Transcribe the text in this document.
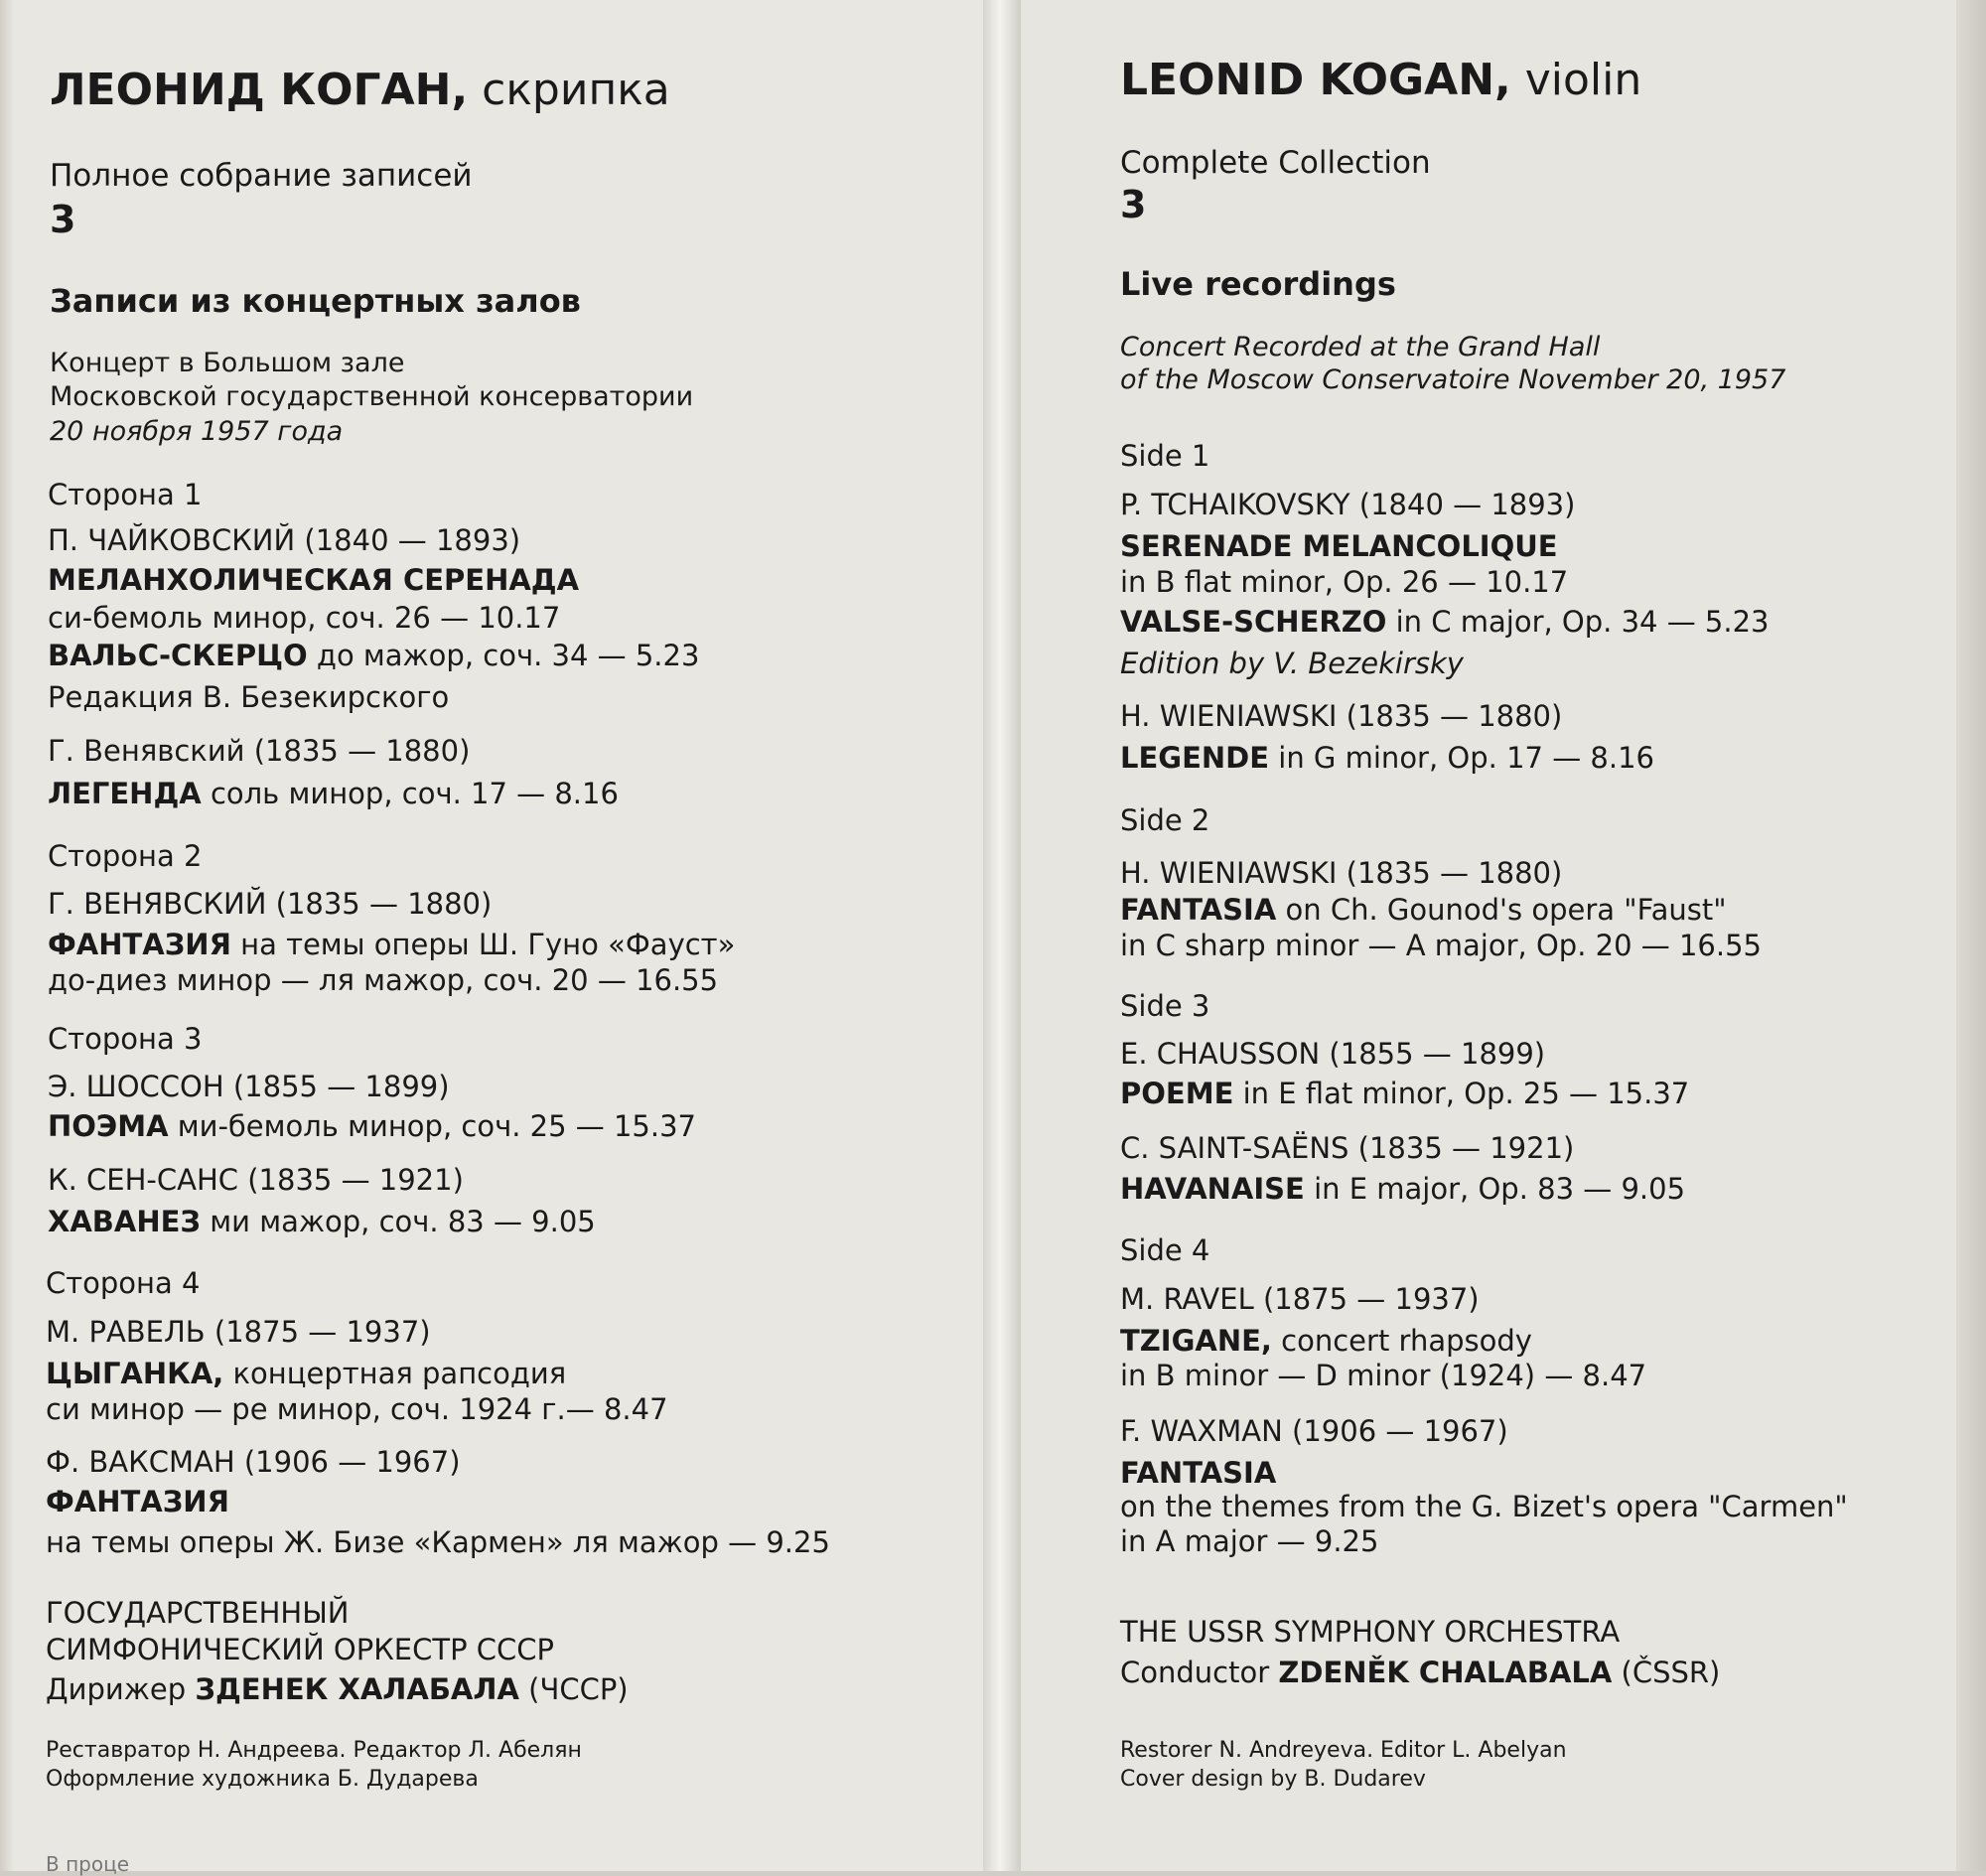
ЛЕОНИД КОГАН, скрипка
Полное собрание записей
3
Записи из концертных залов
Концерт в Большом зале
Московской государственной консерватории
20 ноября 1957 года
Сторона 1
П. ЧАЙКОВСКИЙ (1840 — 1893)
МЕЛАНХОЛИЧЕСКАЯ СЕРЕНАДА
си-бемоль минор, соч. 26 — 10.17
ВАЛЬС-СКЕРЦО до мажор, соч. 34 — 5.23
Редакция В. Безекирского
Г. Венявский (1835 — 1880)
ЛЕГЕНДА соль минор, соч. 17 — 8.16
Сторона 2
Г. ВЕНЯВСКИЙ (1835 — 1880)
ФАНТАЗИЯ на темы оперы Ш. Гуно «Фауст»
до-диез минор — ля мажор, соч. 20 — 16.55
Сторона 3
Э. ШОССОН (1855 — 1899)
ПОЭМА ми-бемоль минор, соч. 25 — 15.37
К. СЕН-САНС (1835 — 1921)
ХАВАНЕЗ ми мажор, соч. 83 — 9.05
Сторона 4
М. РАВЕЛЬ (1875 — 1937)
ЦЫГАНКА, концертная рапсодия
си минор — ре минор, соч. 1924 г.— 8.47
Ф. ВАКСМАН (1906 — 1967)
ФАНТАЗИЯ
на темы оперы Ж. Бизе «Кармен» ля мажор — 9.25
ГОСУДАРСТВЕННЫЙ
СИМФОНИЧЕСКИЙ ОРКЕСТР СССР
Дирижер ЗДЕНЕК ХАЛАБАЛА (ЧССР)
Реставратор Н. Андреева. Редактор Л. Абелян
Оформление художника Б. Дударева
В проце
LEONID KOGAN, violin
Complete Collection
3
Live recordings
Concert Recorded at the Grand Hall
of the Moscow Conservatoire November 20, 1957
Side 1
P. TCHAIKOVSKY (1840 — 1893)
SERENADE MELANCOLIQUE
in B flat minor, Op. 26 — 10.17
VALSE-SCHERZO in C major, Op. 34 — 5.23
Edition by V. Bezekirsky
H. WIENIAWSKI (1835 — 1880)
LEGENDE in G minor, Op. 17 — 8.16
Side 2
H. WIENIAWSKI (1835 — 1880)
FANTASIA on Ch. Gounod's opera "Faust"
in C sharp minor — A major, Op. 20 — 16.55
Side 3
E. CHAUSSON (1855 — 1899)
POEME in E flat minor, Op. 25 — 15.37
C. SAINT-SAËNS (1835 — 1921)
HAVANAISE in E major, Op. 83 — 9.05
Side 4
M. RAVEL (1875 — 1937)
TZIGANE, concert rhapsody
in B minor — D minor (1924) — 8.47
F. WAXMAN (1906 — 1967)
FANTASIA
on the themes from the G. Bizet's opera "Carmen"
in A major — 9.25
THE USSR SYMPHONY ORCHESTRA
Conductor ZDENĚK CHALABALA (ČSSR)
Restorer N. Andreyeva. Editor L. Abelyan
Cover design by B. Dudarev
